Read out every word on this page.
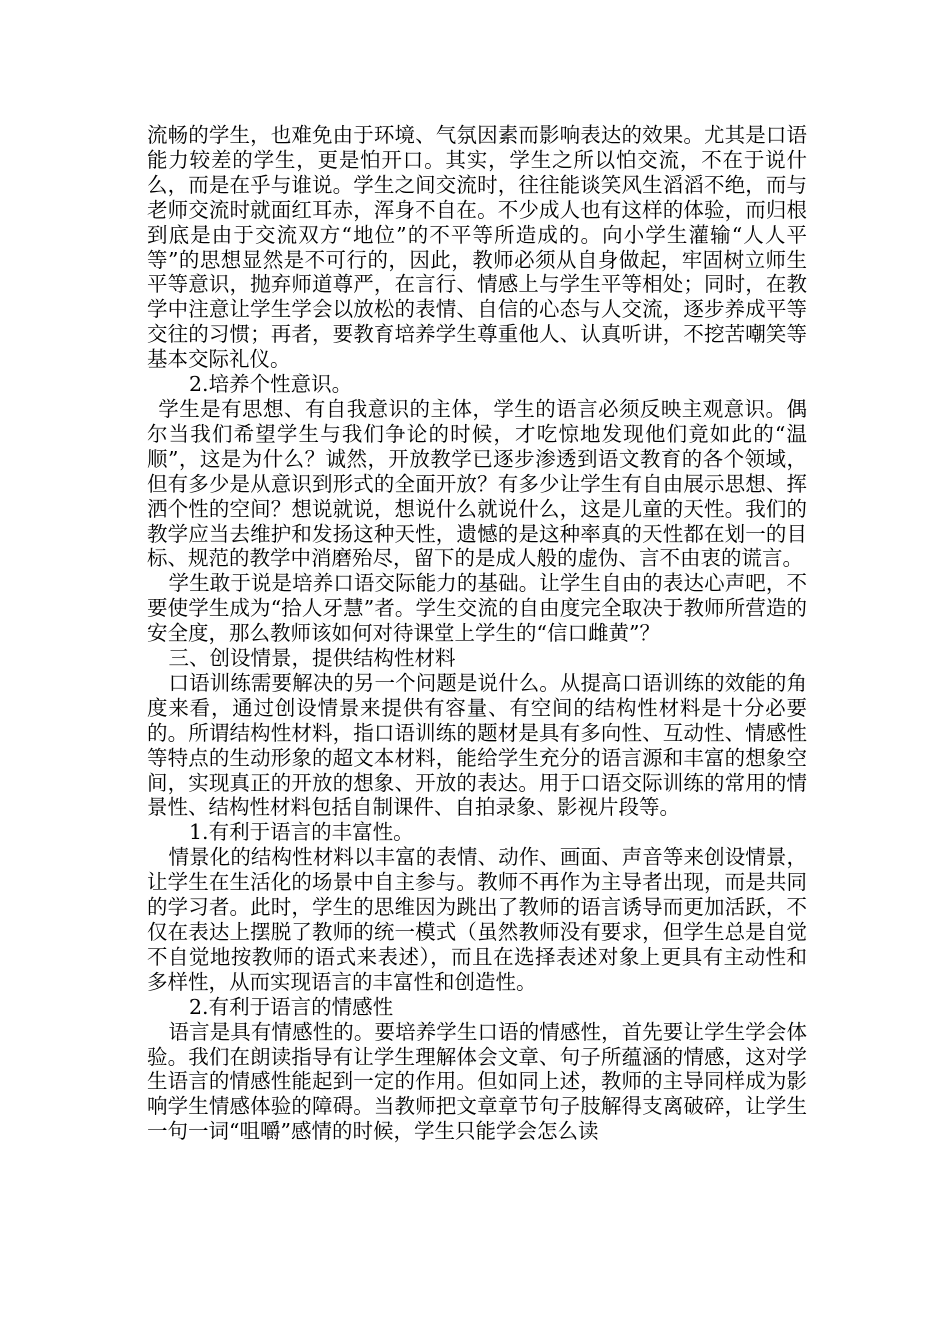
流畅的学生，也难免由于环境、气氛因素而影响表达的效果。尤其是口语能力较差的学生，更是怕开口。其实，学生之所以怕交流，不在于说什么，而是在乎与谁说。学生之间交流时，往往能谈笑风生滔滔不绝，而与老师交流时就面红耳赤，浑身不自在。不少成人也有这样的体验，而归根到底是由于交流双方“地位”的不平等所造成的。向小学生灌输“人人平等”的思想显然是不可行的，因此，教师必须从自身做起，牢固树立师生平等意识，抛弃师道尊严，在言行、情感上与学生平等相处；同时，在教学中注意让学生学会以放松的表情、自信的心态与人交流，逐步养成平等交往的习惯；再者，要教育培养学生尊重他人、认真听讲，不挖苦嘲笑等基本交际礼仪。

2.培养个性意识。

学生是有思想、有自我意识的主体，学生的语言必须反映主观意识。偶尔当我们希望学生与我们争论的时候，才吃惊地发现他们竟如此的“温顺”，这是为什么？诚然，开放教学已逐步渗透到语文教育的各个领域，但有多少是从意识到形式的全面开放？有多少让学生有自由展示思想、挥洒个性的空间？想说就说，想说什么就说什么，这是儿童的天性。我们的教学应当去维护和发扬这种天性，遗憾的是这种率真的天性都在划一的目标、规范的教学中消磨殆尽，留下的是成人般的虚伪、言不由衷的谎言。

学生敢于说是培养口语交际能力的基础。让学生自由的表达心声吧，不要使学生成为“拾人牙慧”者。学生交流的自由度完全取决于教师所营造的安全度，那么教师该如何对待课堂上学生的“信口雌黄”？

三、创设情景，提供结构性材料

口语训练需要解决的另一个问题是说什么。从提高口语训练的效能的角度来看，通过创设情景来提供有容量、有空间的结构性材料是十分必要的。所谓结构性材料，指口语训练的题材是具有多向性、互动性、情感性等特点的生动形象的超文本材料，能给学生充分的语言源和丰富的想象空间，实现真正的开放的想象、开放的表达。用于口语交际训练的常用的情景性、结构性材料包括自制课件、自拍录象、影视片段等。

1.有利于语言的丰富性。

情景化的结构性材料以丰富的表情、动作、画面、声音等来创设情景，让学生在生活化的场景中自主参与。教师不再作为主导者出现，而是共同的学习者。此时，学生的思维因为跳出了教师的语言诱导而更加活跃，不仅在表达上摆脱了教师的统一模式（虽然教师没有要求，但学生总是自觉不自觉地按教师的语式来表述），而且在选择表述对象上更具有主动性和多样性，从而实现语言的丰富性和创造性。

2.有利于语言的情感性

语言是具有情感性的。要培养学生口语的情感性，首先要让学生学会体验。我们在朗读指导有让学生理解体会文章、句子所蕴涵的情感，这对学生语言的情感性能起到一定的作用。但如同上述，教师的主导同样成为影响学生情感体验的障碍。当教师把文章章节句子肢解得支离破碎，让学生一句一词“咀嚼”感情的时候，学生只能学会怎么读
